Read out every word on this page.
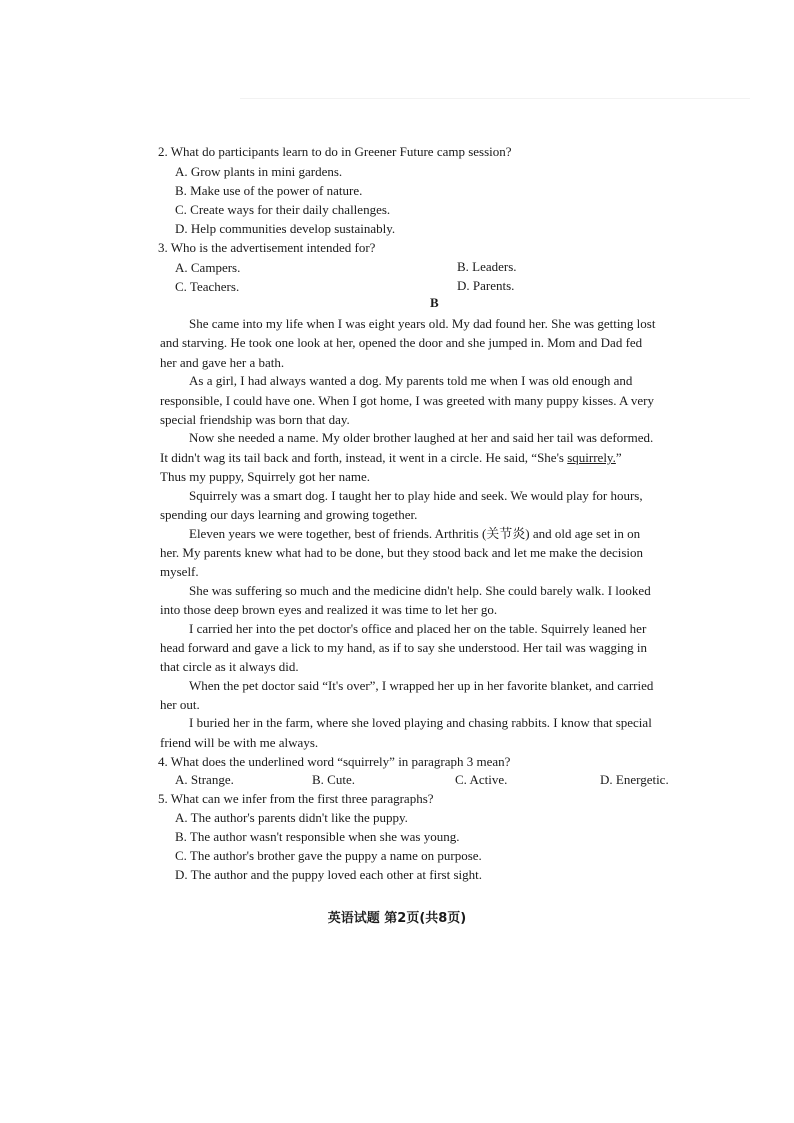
2. What do participants learn to do in Greener Future camp session?
A. Grow plants in mini gardens.
B. Make use of the power of nature.
C. Create ways for their daily challenges.
D. Help communities develop sustainably.
3. Who is the advertisement intended for?
A. Campers.	B. Leaders.
C. Teachers.	D. Parents.
B
She came into my life when I was eight years old. My dad found her. She was getting lost
and starving. He took one look at her, opened the door and she jumped in. Mom and Dad fed
her and gave her a bath.
As a girl, I had always wanted a dog. My parents told me when I was old enough and
responsible, I could have one. When I got home, I was greeted with many puppy kisses. A very
special friendship was born that day.
Now she needed a name. My older brother laughed at her and said her tail was deformed.
It didn't wag its tail back and forth, instead, it went in a circle. He said, “She's squirrely.”
Thus my puppy, Squirrely got her name.
Squirrely was a smart dog. I taught her to play hide and seek. We would play for hours,
spending our days learning and growing together.
Eleven years we were together, best of friends. Arthritis (关节炎) and old age set in on
her. My parents knew what had to be done, but they stood back and let me make the decision
myself.
She was suffering so much and the medicine didn't help. She could barely walk. I looked
into those deep brown eyes and realized it was time to let her go.
I carried her into the pet doctor's office and placed her on the table. Squirrely leaned her
head forward and gave a lick to my hand, as if to say she understood. Her tail was wagging in
that circle as it always did.
When the pet doctor said “It's over”, I wrapped her up in her favorite blanket, and carried
her out.
I buried her in the farm, where she loved playing and chasing rabbits. I know that special
friend will be with me always.
4. What does the underlined word “squirrely” in paragraph 3 mean?
A. Strange.	B. Cute.	C. Active.	D. Energetic.
5. What can we infer from the first three paragraphs?
A. The author's parents didn't like the puppy.
B. The author wasn't responsible when she was young.
C. The author's brother gave the puppy a name on purpose.
D. The author and the puppy loved each other at first sight.
英语试题 第2页(共8页)
